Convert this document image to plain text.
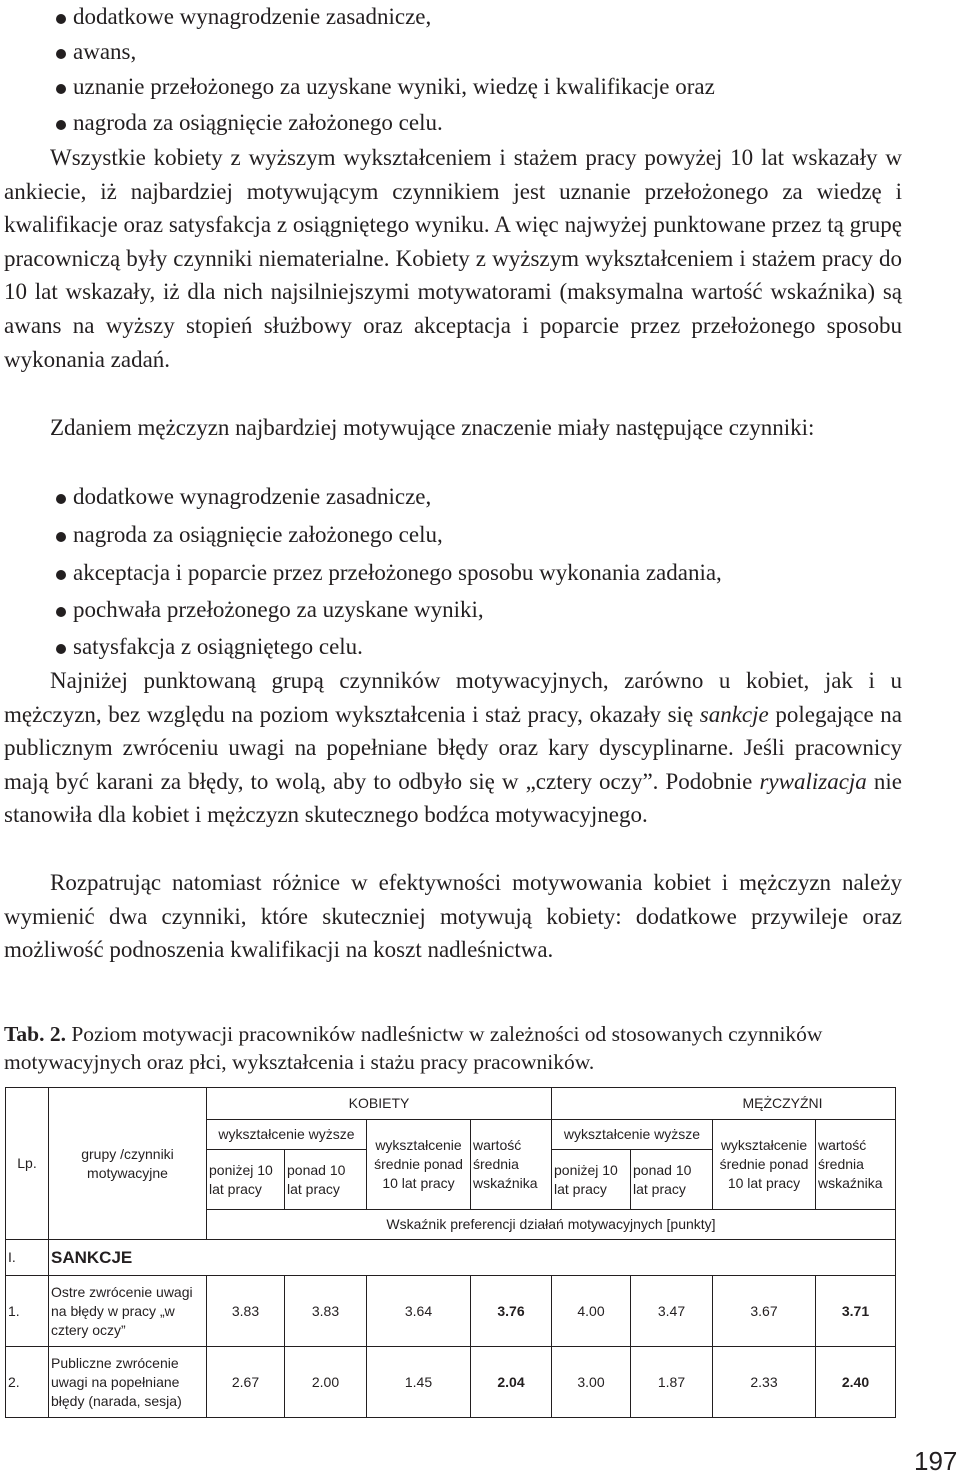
dodatkowe wynagrodzenie zasadnicze,
awans,
uznanie przełożonego za uzyskane wyniki, wiedzę i kwalifikacje oraz
nagroda za osiągnięcie założonego celu.

Wszystkie kobiety z wyższym wykształceniem i stażem pracy powyżej 10 lat wskazały w ankiecie, iż najbardziej motywującym czynnikiem jest uznanie przełożonego za wiedzę i kwalifikacje oraz satysfakcja z osiągniętego wyniku. A więc najwyżej punktowane przez tą grupę pracowniczą były czynniki niematerialne. Kobiety z wyższym wykształceniem i stażem pracy do 10 lat wskazały, iż dla nich najsilniejszymi motywatorami (maksymalna wartość wskaźnika) są awans na wyższy stopień służbowy oraz akceptacja i poparcie przez przełożonego sposobu wykonania zadań.

Zdaniem mężczyzn najbardziej motywujące znaczenie miały następujące czynniki:

dodatkowe wynagrodzenie zasadnicze,
nagroda za osiągnięcie założonego celu,
akceptacja i poparcie przez przełożonego sposobu wykonania zadania,
pochwała przełożonego za uzyskane wyniki,
satysfakcja z osiągniętego celu.

Najniżej punktowaną grupą czynników motywacyjnych, zarówno u kobiet, jak i u mężczyzn, bez względu na poziom wykształcenia i staż pracy, okazały się sankcje polegające na publicznym zwróceniu uwagi na popełniane błędy oraz kary dyscyplinarne. Jeśli pracownicy mają być karani za błędy, to wolą, aby to odbyło się w „cztery oczy”. Podobnie rywalizacja nie stanowiła dla kobiet i mężczyzn skutecznego bodźca motywacyjnego.

Rozpatrując natomiast różnice w efektywności motywowania kobiet i mężczyzn należy wymienić dwa czynniki, które skuteczniej motywują kobiety: dodatkowe przywileje oraz możliwość podnoszenia kwalifikacji na koszt nadleśnictwa.

Tab. 2. Poziom motywacji pracowników nadleśnictw w zależności od stosowanych czynników motywacyjnych oraz płci, wykształcenia i stażu pracy pracowników.
Lp.	grupy /czynniki motywacyjne	KOBIETY				MĘŻCZYŹNI			
		wykształcenie wyższe		wykształcenie średnie ponad 10 lat pracy	wartość średnia wskaźnika	wykształcenie wyższe		wykształcenie średnie ponad 10 lat pracy	wartość średnia wskaźnika
		poniżej 10 lat pracy	ponad 10 lat pracy			poniżej 10 lat pracy	ponad 10 lat pracy		
		Wskaźnik preferencji działań motywacyjnych [punkty]							
I.	SANKCJE								
1.	Ostre zwrócenie uwagi na błędy w pracy „w cztery oczy”	3.83	3.83	3.64	3.76	4.00	3.47	3.67	3.71
2.	Publiczne zwrócenie uwagi na popełniane błędy (narada, sesja)	2.67	2.00	1.45	2.04	3.00	1.87	2.33	2.40
197
